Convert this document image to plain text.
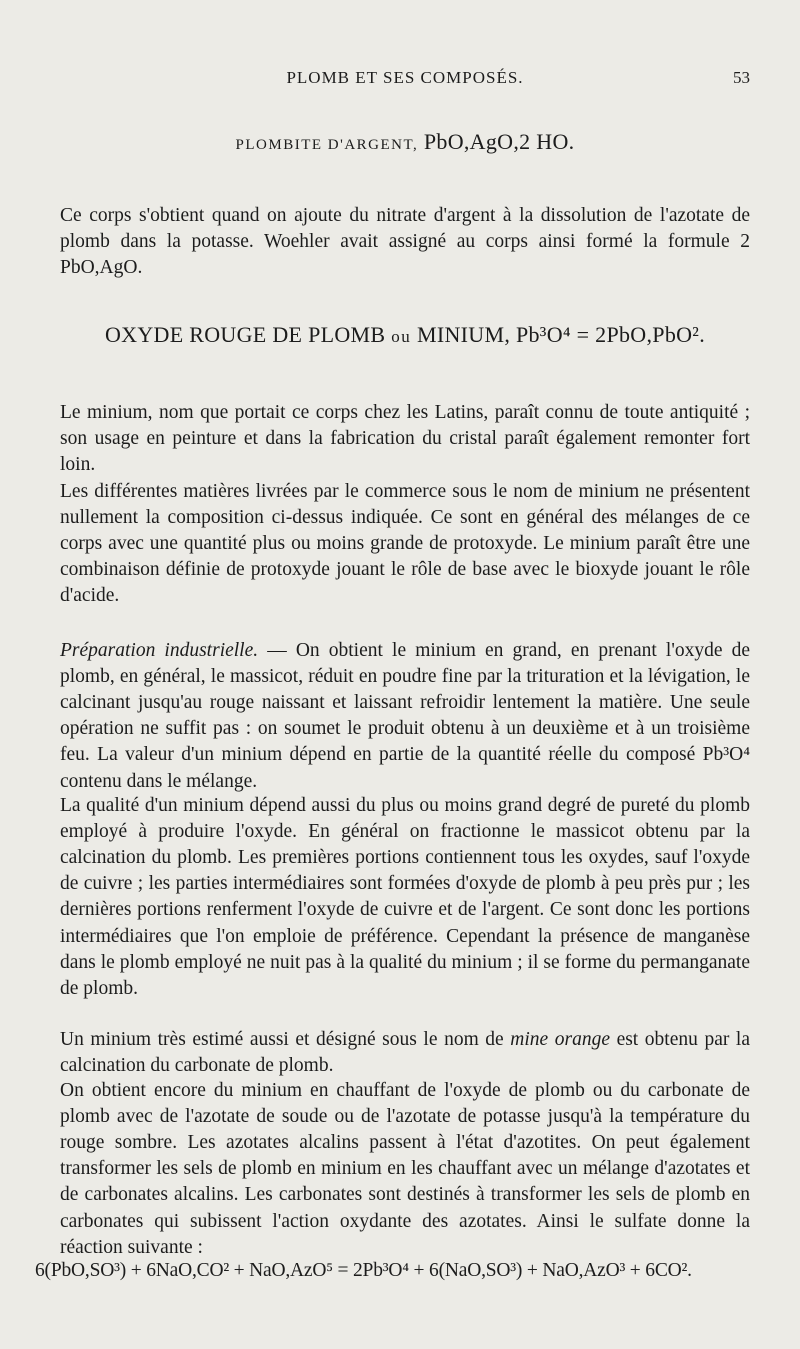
PLOMB ET SES COMPOSÉS.	53
PLOMBITE D'ARGENT, PbO,AgO,2 HO.

Ce corps s'obtient quand on ajoute du nitrate d'argent à la dissolution de l'azotate de plomb dans la potasse. Woehler avait assigné au corps ainsi formé la formule 2 PbO,AgO.

OXYDE ROUGE DE PLOMB ou MINIUM, Pb³O⁴ = 2PbO,PbO².

Le minium, nom que portait ce corps chez les Latins, paraît connu de toute antiquité ; son usage en peinture et dans la fabrication du cristal paraît également remonter fort loin.

Les différentes matières livrées par le commerce sous le nom de minium ne présentent nullement la composition ci-dessus indiquée. Ce sont en général des mélanges de ce corps avec une quantité plus ou moins grande de protoxyde. Le minium paraît être une combinaison définie de protoxyde jouant le rôle de base avec le bioxyde jouant le rôle d'acide.

Préparation industrielle. — On obtient le minium en grand, en prenant l'oxyde de plomb, en général, le massicot, réduit en poudre fine par la trituration et la lévigation, le calcinant jusqu'au rouge naissant et laissant refroidir lentement la matière. Une seule opération ne suffit pas : on soumet le produit obtenu à un deuxième et à un troisième feu. La valeur d'un minium dépend en partie de la quantité réelle du composé Pb³O⁴ contenu dans le mélange.

La qualité d'un minium dépend aussi du plus ou moins grand degré de pureté du plomb employé à produire l'oxyde. En général on fractionne le massicot obtenu par la calcination du plomb. Les premières portions contiennent tous les oxydes, sauf l'oxyde de cuivre ; les parties intermédiaires sont formées d'oxyde de plomb à peu près pur ; les dernières portions renferment l'oxyde de cuivre et de l'argent. Ce sont donc les portions intermédiaires que l'on emploie de préférence. Cependant la présence de manganèse dans le plomb employé ne nuit pas à la qualité du minium ; il se forme du permanganate de plomb.

Un minium très estimé aussi et désigné sous le nom de mine orange est obtenu par la calcination du carbonate de plomb.

On obtient encore du minium en chauffant de l'oxyde de plomb ou du carbonate de plomb avec de l'azotate de soude ou de l'azotate de potasse jusqu'à la température du rouge sombre. Les azotates alcalins passent à l'état d'azotites. On peut également transformer les sels de plomb en minium en les chauffant avec un mélange d'azotates et de carbonates alcalins. Les carbonates sont destinés à transformer les sels de plomb en carbonates qui subissent l'action oxydante des azotates. Ainsi le sulfate donne la réaction suivante :

6(PbO,SO³) + 6NaO,CO² + NaO,AzO⁵ = 2Pb³O⁴ + 6(NaO,SO³) + NaO,AzO³ + 6CO².
